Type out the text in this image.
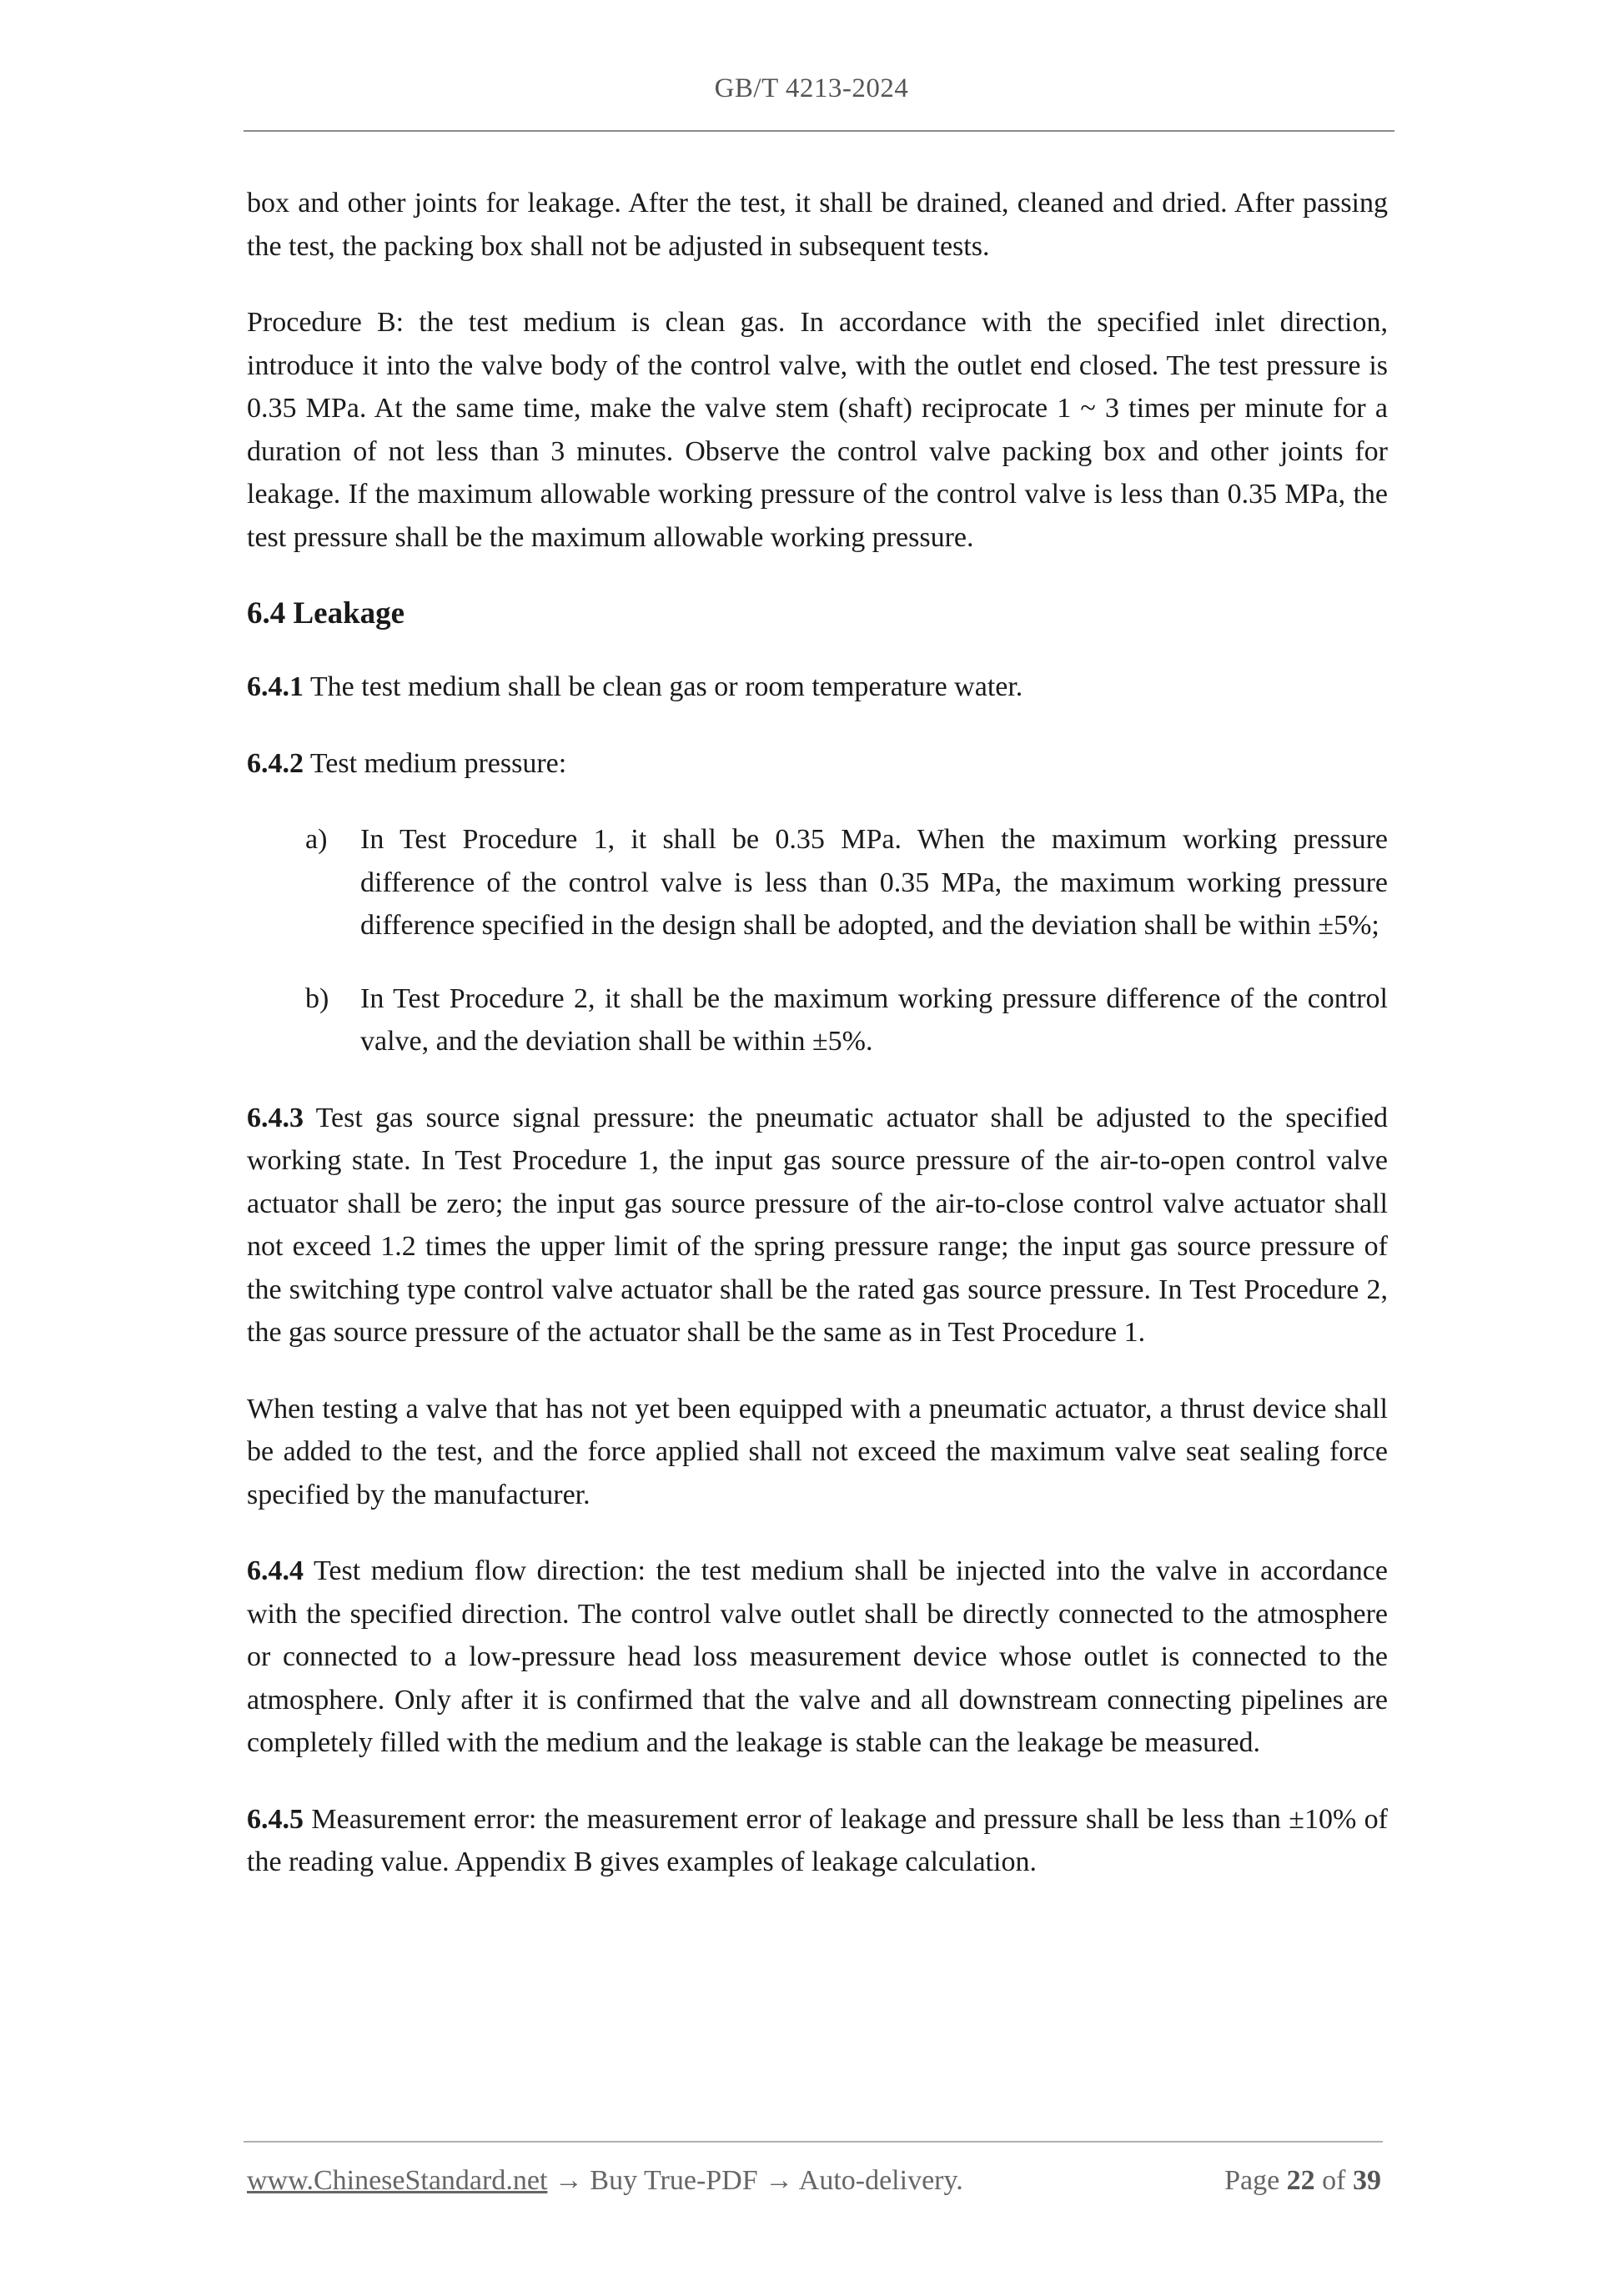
GB/T 4213-2024

box and other joints for leakage. After the test, it shall be drained, cleaned and dried. After passing the test, the packing box shall not be adjusted in subsequent tests.

Procedure B: the test medium is clean gas. In accordance with the specified inlet direction, introduce it into the valve body of the control valve, with the outlet end closed. The test pressure is 0.35 MPa. At the same time, make the valve stem (shaft) reciprocate 1 ~ 3 times per minute for a duration of not less than 3 minutes. Observe the control valve packing box and other joints for leakage. If the maximum allowable working pressure of the control valve is less than 0.35 MPa, the test pressure shall be the maximum allowable working pressure.

6.4 Leakage

6.4.1 The test medium shall be clean gas or room temperature water.

6.4.2 Test medium pressure:

a)	In Test Procedure 1, it shall be 0.35 MPa. When the maximum working pressure difference of the control valve is less than 0.35 MPa, the maximum working pressure difference specified in the design shall be adopted, and the deviation shall be within ±5%;
b)	In Test Procedure 2, it shall be the maximum working pressure difference of the control valve, and the deviation shall be within ±5%.

6.4.3 Test gas source signal pressure: the pneumatic actuator shall be adjusted to the specified working state. In Test Procedure 1, the input gas source pressure of the air-to-open control valve actuator shall be zero; the input gas source pressure of the air-to-close control valve actuator shall not exceed 1.2 times the upper limit of the spring pressure range; the input gas source pressure of the switching type control valve actuator shall be the rated gas source pressure. In Test Procedure 2, the gas source pressure of the actuator shall be the same as in Test Procedure 1.

When testing a valve that has not yet been equipped with a pneumatic actuator, a thrust device shall be added to the test, and the force applied shall not exceed the maximum valve seat sealing force specified by the manufacturer.

6.4.4 Test medium flow direction: the test medium shall be injected into the valve in accordance with the specified direction. The control valve outlet shall be directly connected to the atmosphere or connected to a low-pressure head loss measurement device whose outlet is connected to the atmosphere. Only after it is confirmed that the valve and all downstream connecting pipelines are completely filled with the medium and the leakage is stable can the leakage be measured.

6.4.5 Measurement error: the measurement error of leakage and pressure shall be less than ±10% of the reading value. Appendix B gives examples of leakage calculation.

www.ChineseStandard.net → Buy True-PDF → Auto-delivery.	Page 22 of 39
